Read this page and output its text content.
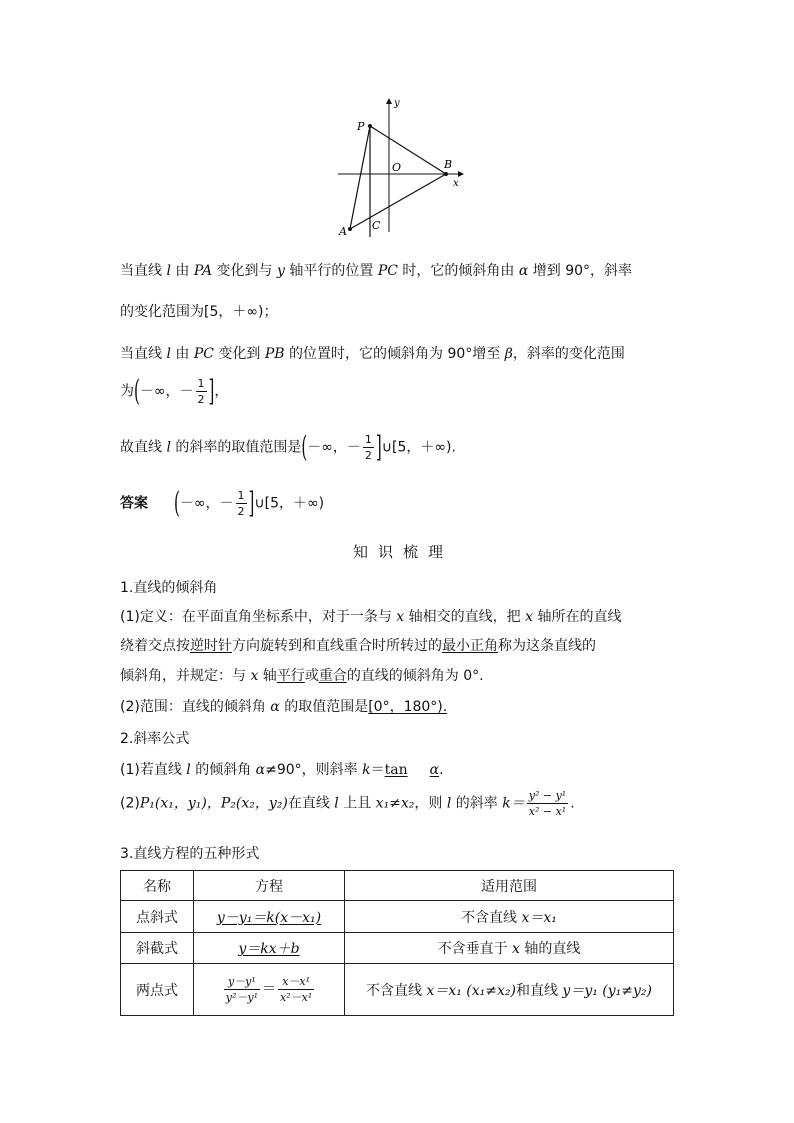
P
y
O	B
x
A C
当直线 l 由 PA 变化到与 y 轴平行的位置 PC 时，它的倾斜角由 α 增到 90°，斜率
的变化范围为[5，＋∞)；
当直线 l 由 PC 变化到 PB 的位置时，它的倾斜角为 90°增至 β，斜率的变化范围
为(－∞，－ $\frac{1}{2}$ ]，
故直线 l 的斜率的取值范围是(－∞，－ $\frac{1}{2}$ ]∪[5，＋∞).
答案 (－∞，－ $\frac{1}{2}$ ]∪[5，＋∞)
知识梳理
1.直线的倾斜角
(1)定义：在平面直角坐标系中，对于一条与 x 轴相交的直线，把 x 轴所在的直线
绕着交点按逆时针方向旋转到和直线重合时所转过的最小正角称为这条直线的
倾斜角，并规定：与 x 轴平行或重合的直线的倾斜角为 0°.
(2)范围：直线的倾斜角 α 的取值范围是[0°，180°).
2.斜率公式
(1)若直线 l 的倾斜角 α≠90°，则斜率 k＝tan α.
(2)P₁(x₁，y₁)，P₂(x₂，y₂)在直线 l 上且 x₁≠x₂，则 l 的斜率 $k= \frac{\text{y² − y¹}}{\text{x² − x¹}}$ .
3.直线方程的五种形式
名称	方程	适用范围
点斜式	y－y₁＝k(x－x₁)	不含直线 x＝x₁
斜截式	y＝kx＋b	不含垂直于 x 轴的直线
两点式	$\frac{\text{y－y¹}}{\text{y²－y¹}} = \frac{\text{x－x¹}}{\text{x²－x¹}}$	不含直线 x＝x₁ (x₁≠x₂)和直线 y＝y₁ (y₁≠y₂)
